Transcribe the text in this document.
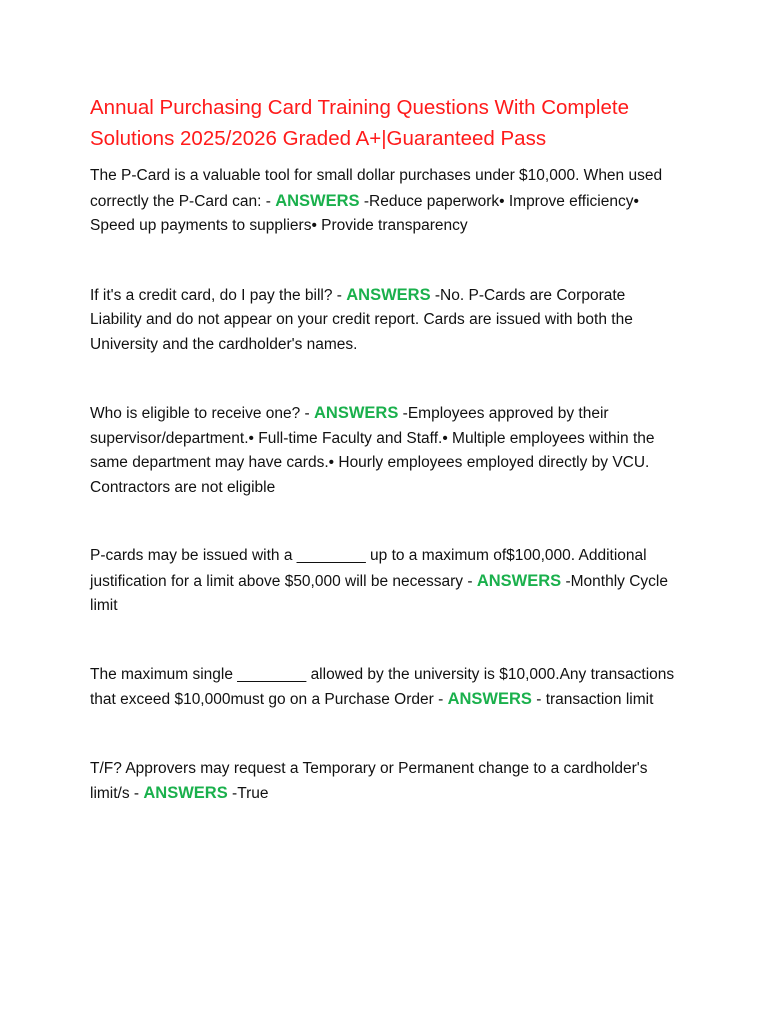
Annual Purchasing Card Training Questions With Complete Solutions 2025/2026 Graded A+|Guaranteed Pass

The P-Card is a valuable tool for small dollar purchases under $10,000. When used correctly the P-Card can: - ANSWERS -Reduce paperwork• Improve efficiency• Speed up payments to suppliers• Provide transparency

If it's a credit card, do I pay the bill? - ANSWERS -No. P-Cards are Corporate Liability and do not appear on your credit report. Cards are issued with both the University and the cardholder's names.

Who is eligible to receive one? - ANSWERS -Employees approved by their supervisor/department.• Full-time Faculty and Staff.• Multiple employees within the same department may have cards.• Hourly employees employed directly by VCU. Contractors are not eligible

P-cards may be issued with a ________ up to a maximum of$100,000. Additional justification for a limit above $50,000 will be necessary - ANSWERS -Monthly Cycle limit

The maximum single ________ allowed by the university is $10,000.Any transactions that exceed $10,000must go on a Purchase Order - ANSWERS - transaction limit

T/F? Approvers may request a Temporary or Permanent change to a cardholder's limit/s - ANSWERS -True
